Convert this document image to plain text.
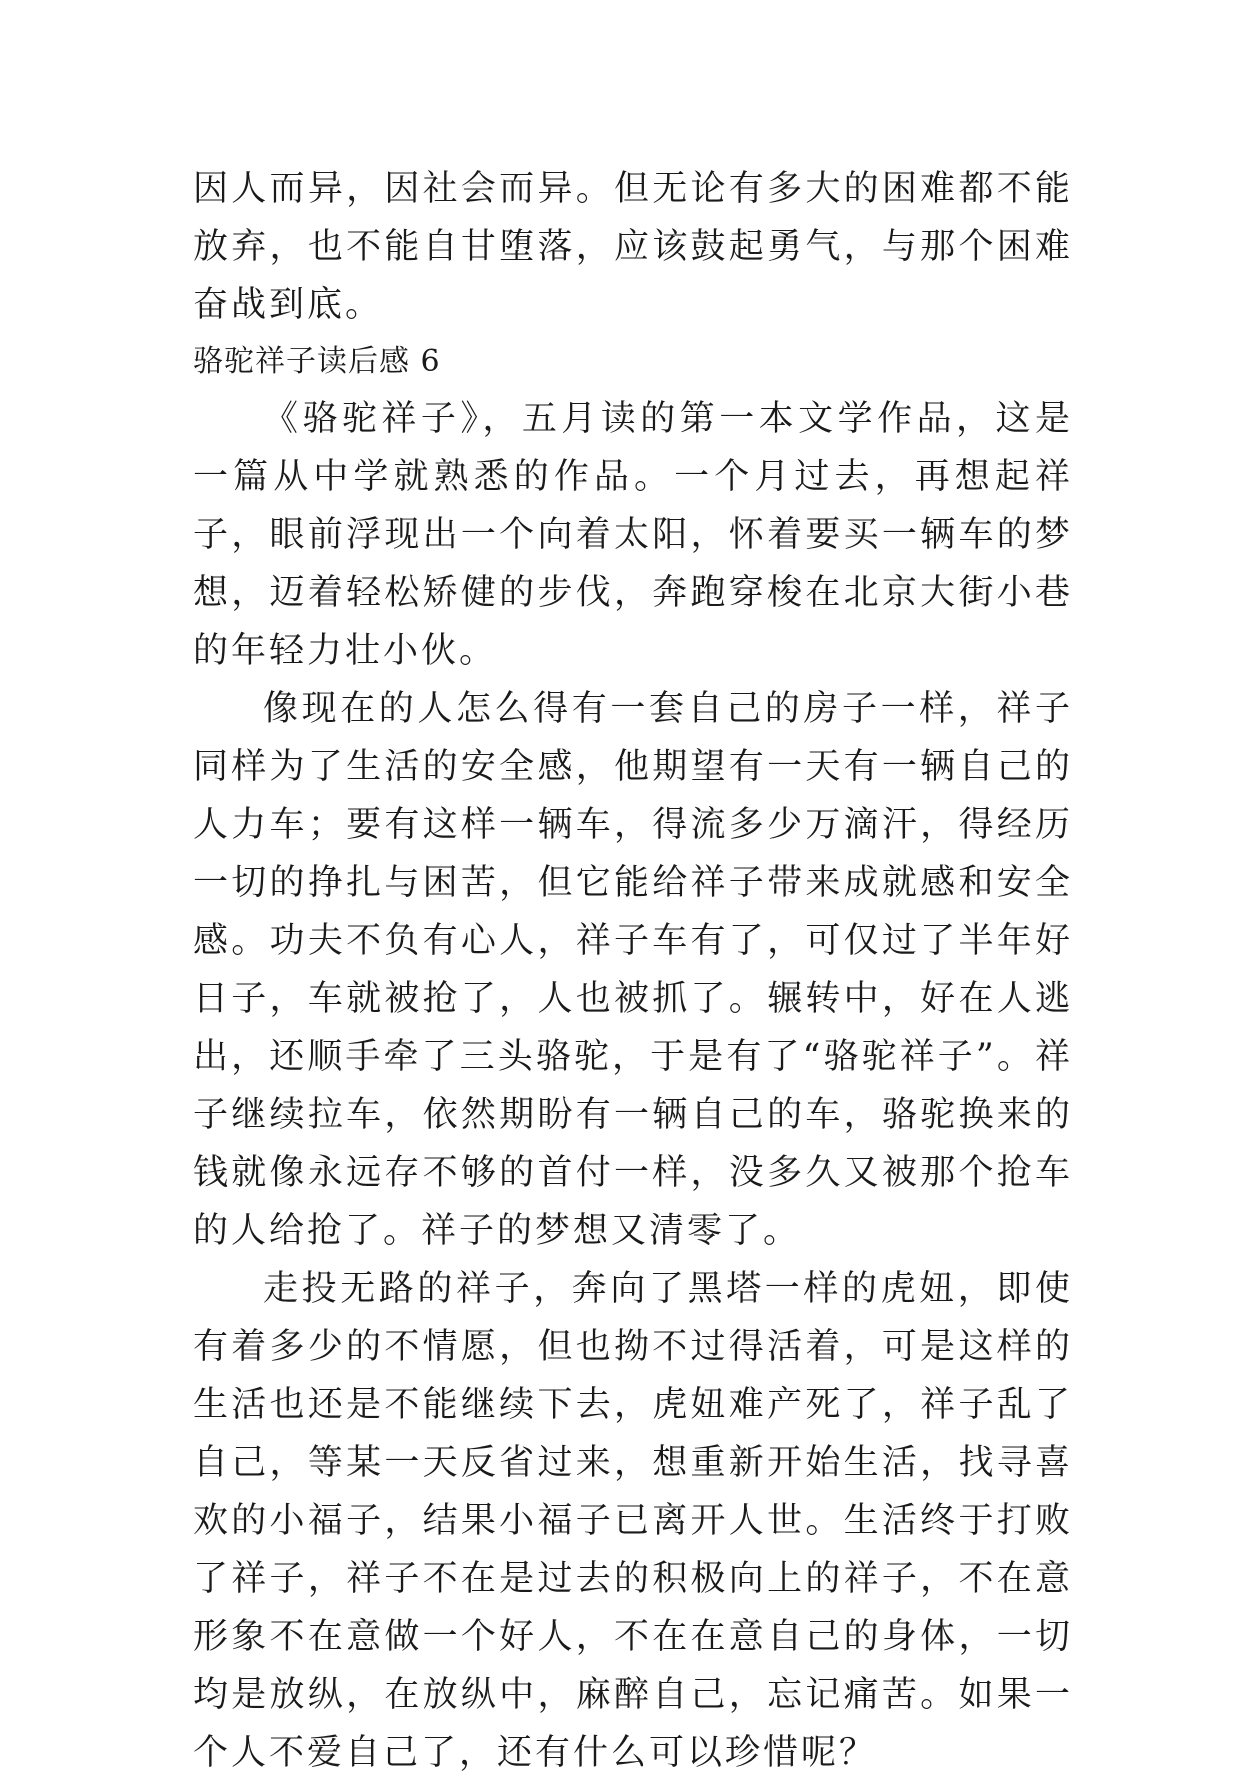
因人而异，因社会而异。但无论有多大的困难都不能放弃，也不能自甘堕落，应该鼓起勇气，与那个困难奋战到底。

骆驼祥子读后感 6

《骆驼祥子》，五月读的第一本文学作品，这是一篇从中学就熟悉的作品。一个月过去，再想起祥子，眼前浮现出一个向着太阳，怀着要买一辆车的梦想，迈着轻松矫健的步伐，奔跑穿梭在北京大街小巷的年轻力壮小伙。

像现在的人怎么得有一套自己的房子一样，祥子同样为了生活的安全感，他期望有一天有一辆自己的人力车；要有这样一辆车，得流多少万滴汗，得经历一切的挣扎与困苦，但它能给祥子带来成就感和安全感。功夫不负有心人，祥子车有了，可仅过了半年好日子，车就被抢了，人也被抓了。辗转中，好在人逃出，还顺手牵了三头骆驼，于是有了“骆驼祥子”。祥子继续拉车，依然期盼有一辆自己的车，骆驼换来的钱就像永远存不够的首付一样，没多久又被那个抢车的人给抢了。祥子的梦想又清零了。

走投无路的祥子，奔向了黑塔一样的虎妞，即使有着多少的不情愿，但也拗不过得活着，可是这样的生活也还是不能继续下去，虎妞难产死了，祥子乱了自己，等某一天反省过来，想重新开始生活，找寻喜欢的小福子，结果小福子已离开人世。生活终于打败了祥子，祥子不在是过去的积极向上的祥子，不在意形象不在意做一个好人，不在在意自己的身体，一切均是放纵，在放纵中，麻醉自己，忘记痛苦。如果一个人不爱自己了，还有什么可以珍惜呢？
